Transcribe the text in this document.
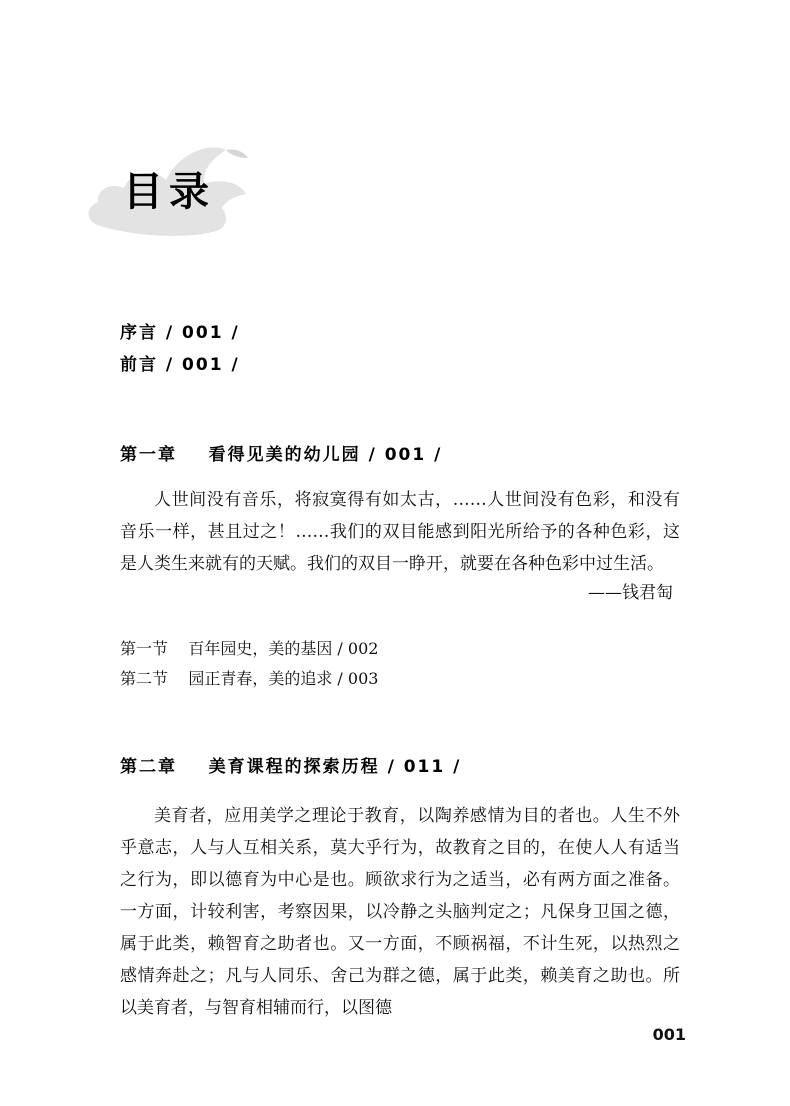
目录
序言 / 001 /
前言 / 001 /
第一章    看得见美的幼儿园 / 001 /
人世间没有音乐，将寂寞得有如太古，……人世间没有色彩，和没有音乐一样，甚且过之！……我们的双目能感到阳光所给予的各种色彩，这是人类生来就有的天赋。我们的双目一睁开，就要在各种色彩中过生活。
——钱君匋
第一节    百年园史，美的基因 / 002
第二节    园正青春，美的追求 / 003
第二章    美育课程的探索历程 / 011 /
美育者，应用美学之理论于教育，以陶养感情为目的者也。人生不外乎意志，人与人互相关系，莫大乎行为，故教育之目的，在使人人有适当之行为，即以德育为中心是也。顾欲求行为之适当，必有两方面之准备。一方面，计较利害，考察因果，以冷静之头脑判定之；凡保身卫国之德，属于此类，赖智育之助者也。又一方面，不顾祸福，不计生死，以热烈之感情奔赴之；凡与人同乐、舍己为群之德，属于此类，赖美育之助也。所以美育者，与智育相辅而行，以图德
001
